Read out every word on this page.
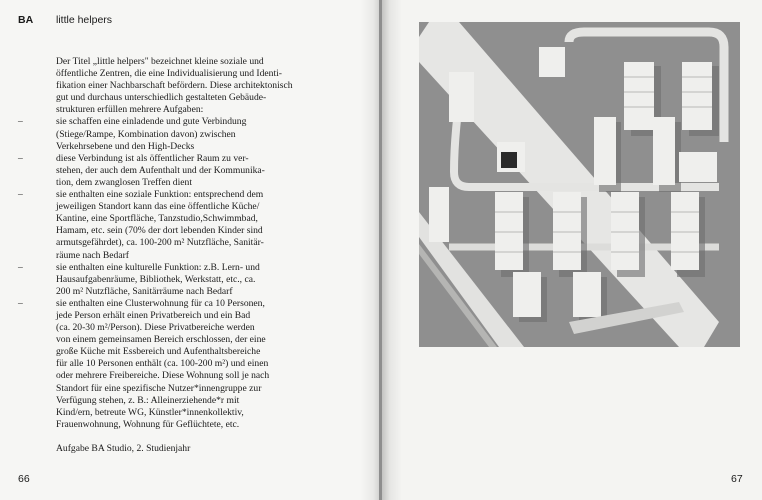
BA little helpers

Der Titel „little helpers" bezeichnet kleine soziale und
öffentliche Zentren, die eine Individualisierung und Identi-
fikation einer Nachbarschaft befördern. Diese architektonisch
gut und durchaus unterschiedlich gestalteten Gebäude-
strukturen erfüllen mehrere Aufgaben:

–	sie schaffen eine einladende und gute Verbindung
(Stiege/Rampe, Kombination davon) zwischen
Verkehrsebene und den High-Decks
–	diese Verbindung ist als öffentlicher Raum zu ver-
stehen, der auch dem Aufenthalt und der Kommunika-
tion, dem zwanglosen Treffen dient
–	sie enthalten eine soziale Funktion: entsprechend dem
jeweiligen Standort kann das eine öffentliche Küche/
Kantine, eine Sportfläche, Tanzstudio,Schwimmbad,
Hamam, etc. sein (70% der dort lebenden Kinder sind
armutsgefährdet), ca. 100-200 m² Nutzfläche, Sanitär-
räume nach Bedarf
–	sie enthalten eine kulturelle Funktion: z.B. Lern- und
Hausaufgabenräume, Bibliothek, Werkstatt, etc., ca.
200 m² Nutzfläche, Sanitärräume nach Bedarf
–	sie enthalten eine Clusterwohnung für ca 10 Personen,
jede Person erhält einen Privatbereich und ein Bad
(ca. 20-30 m²/Person). Diese Privatbereiche werden
von einem gemeinsamen Bereich erschlossen, der eine
große Küche mit Essbereich und Aufenthaltsbereiche
für alle 10 Personen enthält (ca. 100-200 m²) und einen
oder mehrere Freibereiche. Diese Wohnung soll je nach
Standort für eine spezifische Nutzer*innengruppe zur
Verfügung stehen, z. B.: Alleinerziehende*r mit
Kind/ern, betreute WG, Künstler*innenkollektiv,
Frauenwohnung, Wohnung für Geflüchtete, etc.

Aufgabe BA Studio, 2. Studienjahr

66	67
